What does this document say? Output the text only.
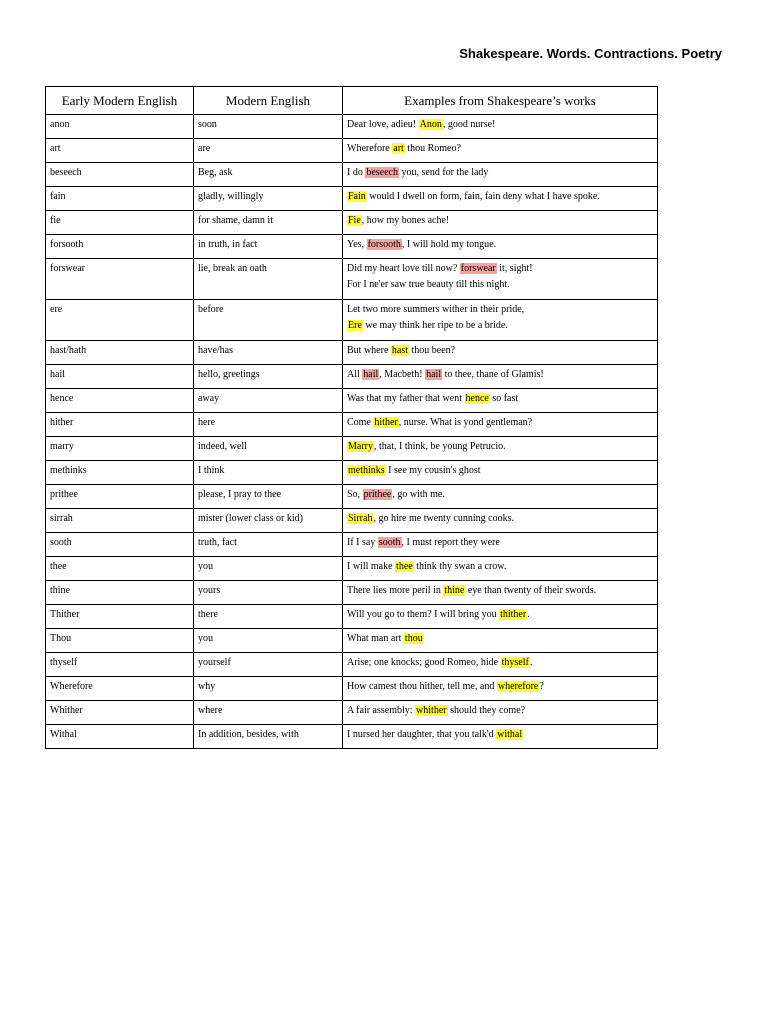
Shakespeare. Words. Contractions. Poetry
Early Modern English	Modern English	Examples from Shakespeare’s works
anon	soon	Dear love, adieu! Anon, good nurse!

art	are	Wherefore art thou Romeo?

beseech	Beg, ask	I do beseech you, send for the lady

fain	gladly, willingly	Fain would I dwell on form, fain, fain deny what I have spoke.

fie	for shame, damn it	Fie, how my bones ache!

forsooth	in truth, in fact	Yes, forsooth, I will hold my tongue.

forswear	lie, break an oath	Did my heart love till now? forswear it, sight!
For I ne'er saw true beauty till this night.

ere	before	Let two more summers wither in their pride,
Ere we may think her ripe to be a bride.

hast/hath	have/has	But where hast thou been?

hail	hello, greetings	All hail, Macbeth! hail to thee, thane of Glamis!

hence	away	Was that my father that went hence so fast

hither	here	Come hither, nurse. What is yond gentleman?

marry	indeed, well	Marry, that, I think, be young Petrucio.

methinks	I think	methinks I see my cousin's ghost

prithee	please, I pray to thee	So, prithee, go with me.

sirrah	mister (lower class or kid)	Sirrah, go hire me twenty cunning cooks.

sooth	truth, fact	If I say sooth, I must report they were

thee	you	I will make thee think thy swan a crow.

thine	yours	There lies more peril in thine eye than twenty of their swords.

Thither	there	Will you go to them? I will bring you thither.

Thou	you	What man art thou

thyself	yourself	Arise; one knocks; good Romeo, hide thyself.

Wherefore	why	How camest thou hither, tell me, and wherefore?

Whither	where	A fair assembly: whither should they come?

Withal	In addition, besides, with	I nursed her daughter, that you talk'd withal
